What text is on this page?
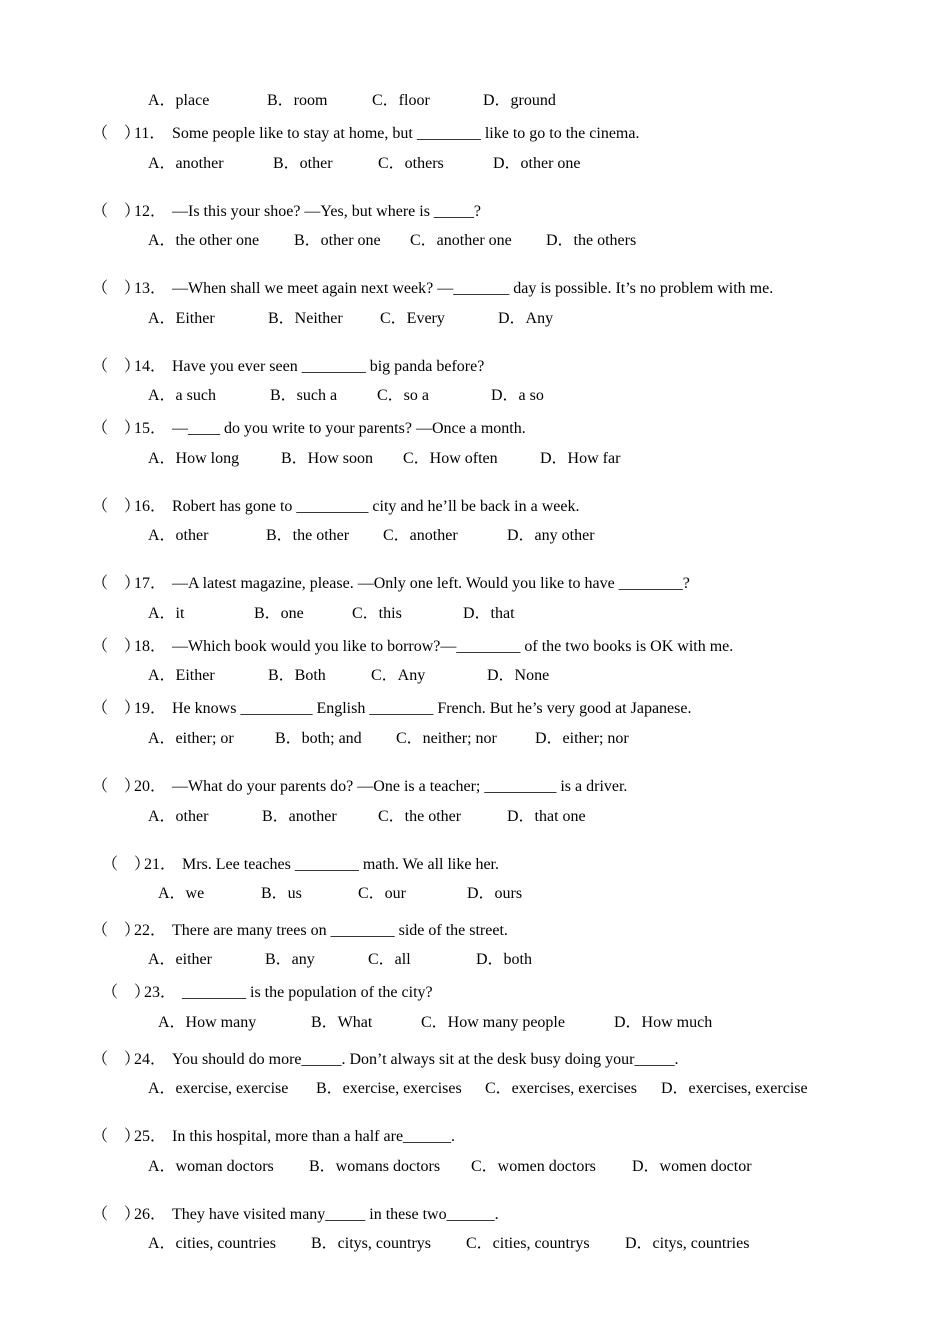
A．place	B．room	C．floor	D．ground
（　）
11． Some people like to stay at home, but ________ like to go to the cinema.
A．another	B．other	C．others	D．other one
（　）
12． —Is this your shoe? —Yes, but where is _____?
A．the other one B．other one C．another one D．the others
（　）
13． —When shall we meet again next week? —_______ day is possible. It’s no problem with me.
A．Either	B．Neither C．Every	D．Any
（　）
14． Have you ever seen ________ big panda before?
A．a such	B．such a C．so a	D．a so
（　）
15． —____ do you write to your parents? —Once a month.
A．How long	B．How soon C．How often	D．How far
（　）
16． Robert has gone to _________ city and he’ll be back in a week.
A．other	B．the other C．another	D．any other
（　）
17． —A latest magazine, please. —Only one left. Would you like to have ________?
A．it	B．one	C．this	D．that
（　）
18． —Which book would you like to borrow?—________ of the two books is OK with me.
A．Either	B．Both	C．Any	D．None
（　）
19． He knows _________ English ________ French. But he’s very good at Japanese.
A．either; or	B．both; and C．neither; nor D．either; nor
（　）
20． —What do your parents do? —One is a teacher; _________ is a driver.
A．other	B．another	C．the other	D．that one
（　）
21． Mrs. Lee teaches ________ math. We all like her.
A．we	B．us	C．our	D．ours
（　）
22． There are many trees on ________ side of the street.
A．either	B．any	C．all	D．both
（　）
23． ________ is the population of the city?
A．How many	B．What	C．How many people	D．How much
（　）
24． You should do more_____. Don’t always sit at the desk busy doing your_____.
A．exercise, exercise B．exercise, exercises C．exercises, exercises D．exercises, exercise
（　）
25． In this hospital, more than a half are______.
A．woman doctors B．womans doctors C．women doctors D．women doctor
（　）
26． They have visited many_____ in these two______.
A．cities, countries B．citys, countrys C．cities, countrys D．citys, countries
